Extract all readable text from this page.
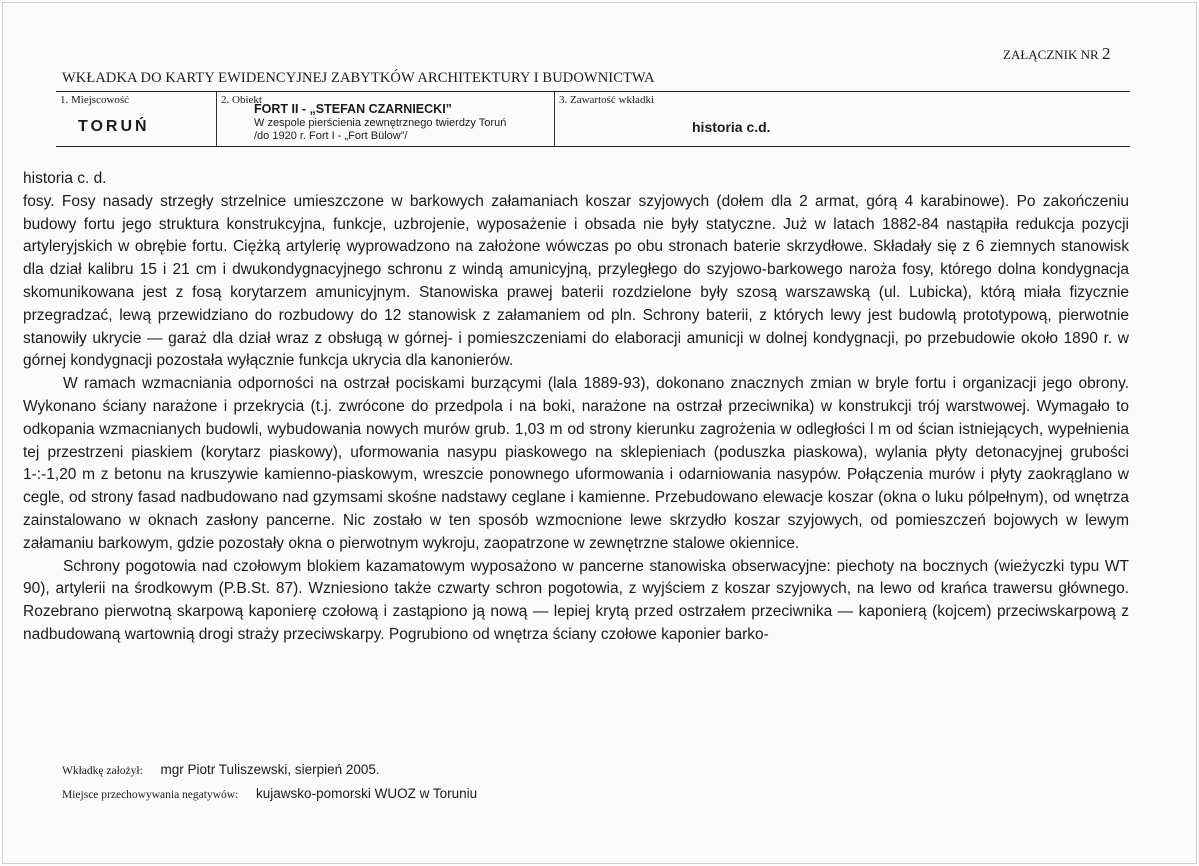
ZAŁĄCZNIK NR 2
WKŁADKA DO KARTY EWIDENCYJNEJ ZABYTKÓW ARCHITEKTURY I BUDOWNICTWA
1. Miejscowość
TORUŃ
2. Obiekt
FORT II - „STEFAN CZARNIECKI”
W zespole pierścienia zewnętrznego twierdzy Toruń
/do 1920 r. Fort I - „Fort Bülow”/
3. Zawartość wkładki
historia c.d.

historia c. d.

fosy. Fosy nasady strzegły strzelnice umieszczone w barkowych załamaniach koszar szyjowych (dołem dla 2 armat, górą 4 karabinowe). Po zakończeniu budowy fortu jego struktura konstrukcyjna, funkcje, uzbrojenie, wyposażenie i obsada nie były statyczne. Już w latach 1882-84 nastąpiła redukcja pozycji artyleryjskich w obrębie fortu. Ciężką artylerię wyprowadzono na założone wówczas po obu stronach baterie skrzydłowe. Składały się z 6 ziemnych stanowisk dla dział kalibru 15 i 21 cm i dwukondygnacyjnego schronu z windą amunicyjną, przyległego do szyjowo-barkowego naroża fosy, którego dolna kondygnacja skomunikowana jest z fosą korytarzem amunicyjnym. Stanowiska prawej baterii rozdzielone były szosą warszawską (ul. Lubicka), którą miała fizycznie przegradzać, lewą przewidziano do rozbudowy do 12 stanowisk z załamaniem od pln. Schrony baterii, z których lewy jest budowlą prototypową, pierwotnie stanowiły ukrycie — garaż dla dział wraz z obsługą w górnej- i pomieszczeniami do elaboracji amunicji w dolnej kondygnacji, po przebudowie około 1890 r. w górnej kondygnacji pozostała wyłącznie funkcja ukrycia dla kanonierów.

W ramach wzmacniania odporności na ostrzał pociskami burzącymi (lala 1889-93), dokonano znacznych zmian w bryle fortu i organizacji jego obrony. Wykonano ściany narażone i przekrycia (t.j. zwrócone do przedpola i na boki, narażone na ostrzał przeciwnika) w konstrukcji trój warstwowej. Wymagało to odkopania wzmacnianych budowli, wybudowania nowych murów grub. 1,03 m od strony kierunku zagrożenia w odległości l m od ścian istniejących, wypełnienia tej przestrzeni piaskiem (korytarz piaskowy), uformowania nasypu piaskowego na sklepieniach (poduszka piaskowa), wylania płyty detonacyjnej grubości 1-:-1,20 m z betonu na kruszywie kamienno-piaskowym, wreszcie ponownego uformowania i odarniowania nasypów. Połączenia murów i płyty zaokrąglano w cegle, od strony fasad nadbudowano nad gzymsami skośne nadstawy ceglane i kamienne. Przebudowano elewacje koszar (okna o luku pólpełnym), od wnętrza zainstalowano w oknach zasłony pancerne. Nic zostało w ten sposób wzmocnione lewe skrzydło koszar szyjowych, od pomieszczeń bojowych w lewym załamaniu barkowym, gdzie pozostały okna o pierwotnym wykroju, zaopatrzone w zewnętrzne stalowe okiennice.

Schrony pogotowia nad czołowym blokiem kazamatowym wyposażono w pancerne stanowiska obserwacyjne: piechoty na bocznych (wieżyczki typu WT 90), artylerii na środkowym (P.B.St. 87). Wzniesiono także czwarty schron pogotowia, z wyjściem z koszar szyjowych, na lewo od krańca trawersu głównego. Rozebrano pierwotną skarpową kaponierę czołową i zastąpiono ją nową — lepiej krytą przed ostrzałem przeciwnika — kaponierą (kojcem) przeciwskarpową z nadbudowaną wartownią drogi straży przeciwskarpy. Pogrubiono od wnętrza ściany czołowe kaponier barko-

Wkładkę założył: mgr Piotr Tuliszewski, sierpień 2005.
Miejsce przechowywania negatywów: kujawsko-pomorski WUOZ w Toruniu
